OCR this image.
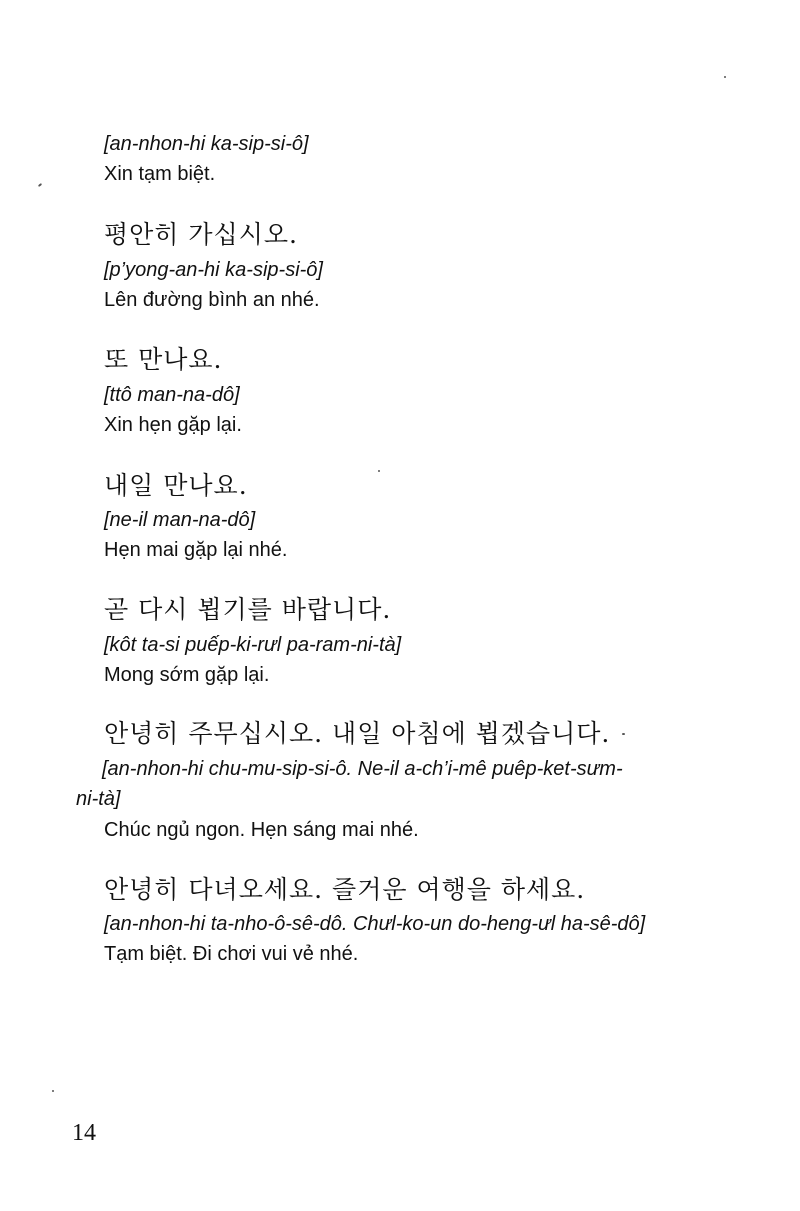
[an-nhon-hi ka-sip-si-ô]

Xin tạm biệt.

평안히 가십시오.

[p’yong-an-hi ka-sip-si-ô]

Lên đường bình an nhé.

또 만나요.

[ttô man-na-dô]

Xin hẹn gặp lại.

내일 만나요.

[ne-il man-na-dô]

Hẹn mai gặp lại nhé.

곧 다시 뵙기를 바랍니다.

[kôt ta-si puếp-ki-rưl pa-ram-ni-tà]

Mong sớm gặp lại.

안녕히 주무십시오. 내일 아침에 뵙겠습니다.

[an-nhon-hi chu-mu-sip-si-ô. Ne-il a-ch’i-mê puêp-ket-sưm-

ni-tà]

Chúc ngủ ngon. Hẹn sáng mai nhé.

안녕히 다녀오세요. 즐거운 여행을 하세요.

[an-nhon-hi ta-nho-ô-sê-dô. Chưl-ko-un do-heng-ưl ha-sê-dô]

Tạm biệt. Đi chơi vui vẻ nhé.

14
